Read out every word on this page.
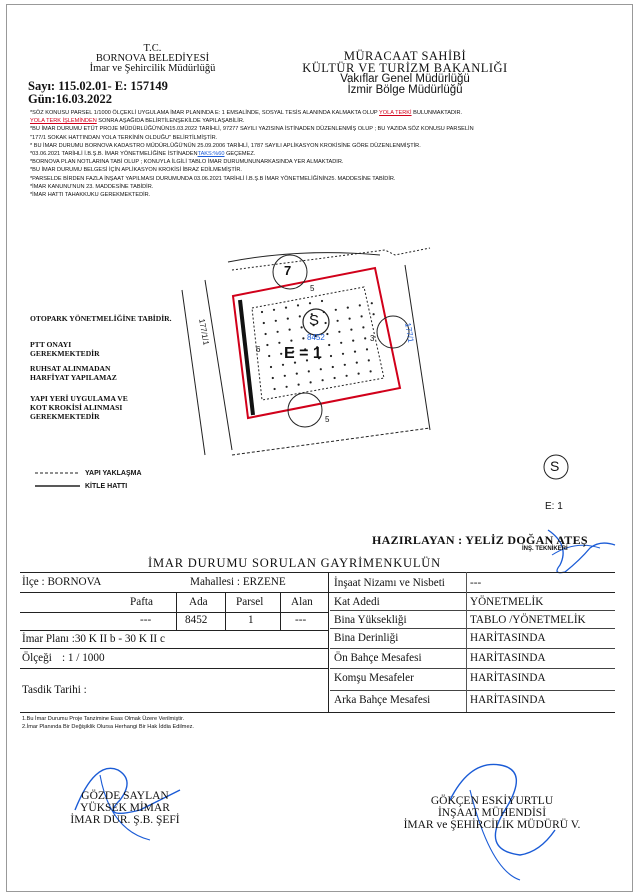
T.C.
BORNOVA BELEDİYESİ
İmar ve Şehircilik Müdürlüğü
Sayı: 115.02.01- E: 157149
Gün:16.03.2022
MÜRACAAT SAHİBİ
KÜLTÜR VE TURİZM BAKANLIĞI
Vakıflar Genel Müdürlüğü
İzmir Bölge Müdürlüğü
*SÖZ KONUSU PARSEL 1/1000 ÖLÇEKLİ UYGULAMA İMAR PLANINDA E: 1 EMSALİNDE, SOSYAL TESİS ALANINDA KALMAKTA OLUP YOLA TERKİ BULUNMAKTADIR.
YOLA TERK İŞLEMİNDEN SONRA AŞAĞIDA BELİRTİLENŞEKİLDE YAPILAŞABİLİR.
*BU İMAR DURUMU ETÜT PROJE MÜDÜRLÜĞÜ'NÜN15.03.2022 TARİHLİ, 97277 SAYILI YAZISINA İSTİNADEN DÜZENLENMİŞ OLUP ; BU YAZIDA SÖZ KONUSU PARSELİN
"177/1 SOKAK HATTINDAN YOLA TERKİNİN OLDUĞU" BELİRTİLMİŞTİR.
* BU İMAR DURUMU BORNOVA KADASTRO MÜDÜRLÜĞÜ'NÜN 25.09.2006 TARİHLİ, 1787 SAYILI APLİKASYON KROKİSİNE GÖRE DÜZENLENMİŞTİR.
*03.06.2021 TARİHLİ İ.B.Ş.B. İMAR YÖNETMELİĞİNE İSTİNADENTAKS:%60 GEÇEMEZ.
*BORNOVA PLAN NOTLARINA TABİ OLUP ; KONUYLA İLGİLİ TABLO İMAR DURUMUNUNARKASINDA YER ALMAKTADIR.
*BU İMAR DURUMU BELGESİ İÇİN APLİKASYON KROKİSİ İBRAZ EDİLMEMİŞTİR.
*PARSELDE BİRDEN FAZLA İNŞAAT YAPILMASI DURUMUNDA 03.06.2021 TARİHLİ İ.B.Ş.B İMAR YÖNETMELİĞİNİN25. MADDESİNE TABİDİR.
*İMAR KANUNU'NUN 23. MADDESİNE TABİDİR.
*İMAR HATTI TAHAKKUKU GEREKMEKTEDİR.
OTOPARK YÖNETMELİĞİNE TABİDİR.
PTT ONAYI
GEREKMEKTEDİR
RUHSAT ALINMADAN
HARFİYAT YAPILAMAZ
YAPI YERİ UYGULAMA VE
KOT KROKİSİ ALINMASI
GEREKMEKTEDİR
177/1/1	177/1
7
S
8452
E = 1
5
6
3
5
YAPI YAKLAŞMA
KİTLE HATTI
S
E: 1
HAZIRLAYAN : YELİZ DOĞAN ATEŞ
İNŞ. TEKNİKERİ
İMAR DURUMU SORULAN GAYRİMENKULÜN
İlçe : BORNOVA	Mahallesi : ERZENE
Pafta	Ada	Parsel Alan
---	8452	1	---
İmar Planı :30 K II b - 30 K II c
Ölçeği : 1 / 1000
Tasdik Tarihi :
İnşaat Nizamı ve Nisbeti ---
Kat Adedi	YÖNETMELİK
Bina Yüksekliği	TABLO /YÖNETMELİK
Bina Derinliği	HARİTASINDA
Ön Bahçe Mesafesi	HARİTASINDA
Komşu Mesafeler	HARİTASINDA
Arka Bahçe Mesafesi	HARİTASINDA
1.Bu İmar Durumu Proje Tanzimine Esas Olmak Üzere Verilmiştir.
2.İmar Planında Bir Değişiklik Olursa Herhangi Bir Hak İddia Edilmez.
GÖZDE SAYLAN
YÜKSEK MİMAR
İMAR DUR. Ş.B. ŞEFİ
GÖKÇEN ESKİYURTLU
İNŞAAT MÜHENDİSİ
İMAR ve ŞEHİRCİLİK MÜDÜRÜ V.
